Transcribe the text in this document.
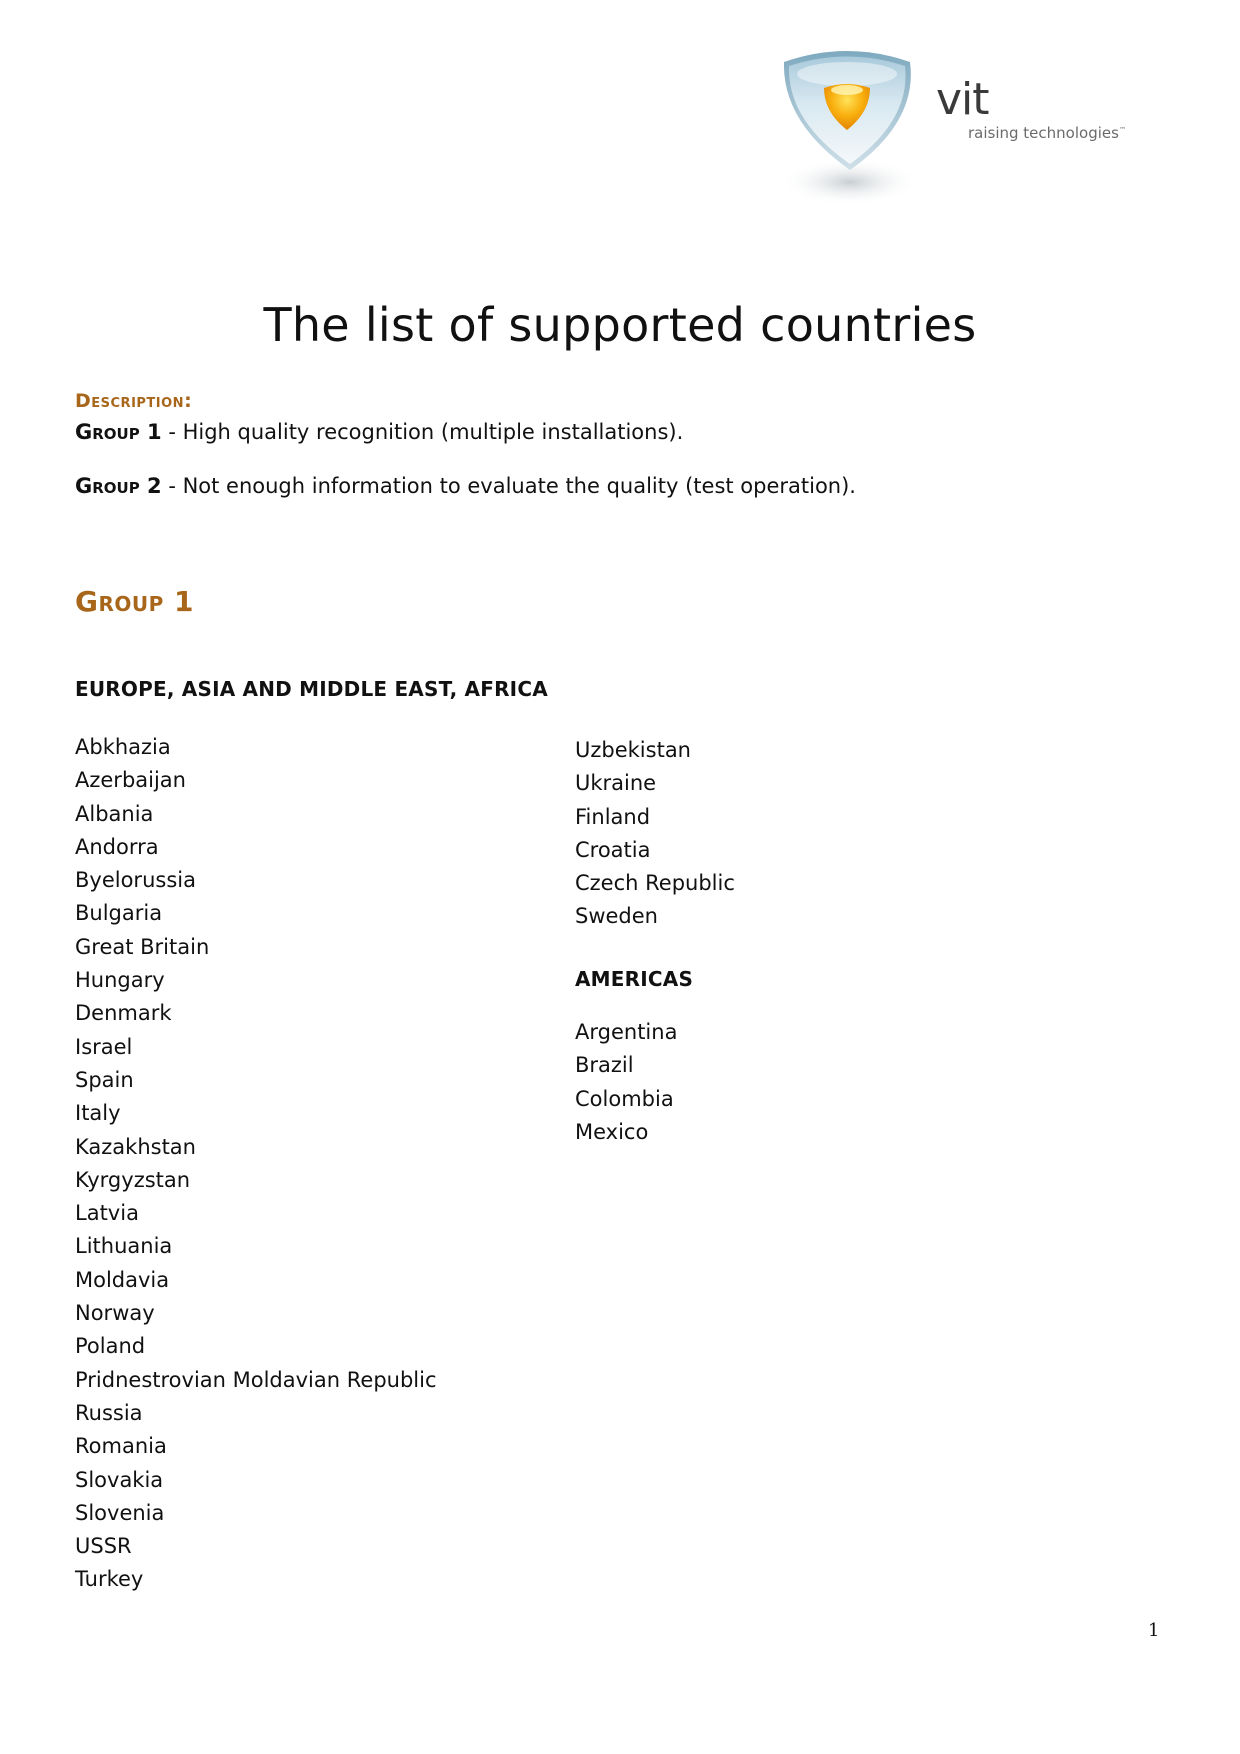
vit
raising technologies™
The list of supported countries
Description:
Group 1 - High quality recognition (multiple installations).
Group 2 - Not enough information to evaluate the quality (test operation).
Group 1
EUROPE, ASIA AND MIDDLE EAST, AFRICA
Abkhazia
Azerbaijan
Albania
Andorra
Byelorussia
Bulgaria
Great Britain
Hungary
Denmark
Israel
Spain
Italy
Kazakhstan
Kyrgyzstan
Latvia
Lithuania
Moldavia
Norway
Poland
Pridnestrovian Moldavian Republic
Russia
Romania
Slovakia
Slovenia
USSR
Turkey
Uzbekistan
Ukraine
Finland
Croatia
Czech Republic
Sweden
AMERICAS
Argentina
Brazil
Colombia
Mexico
1
